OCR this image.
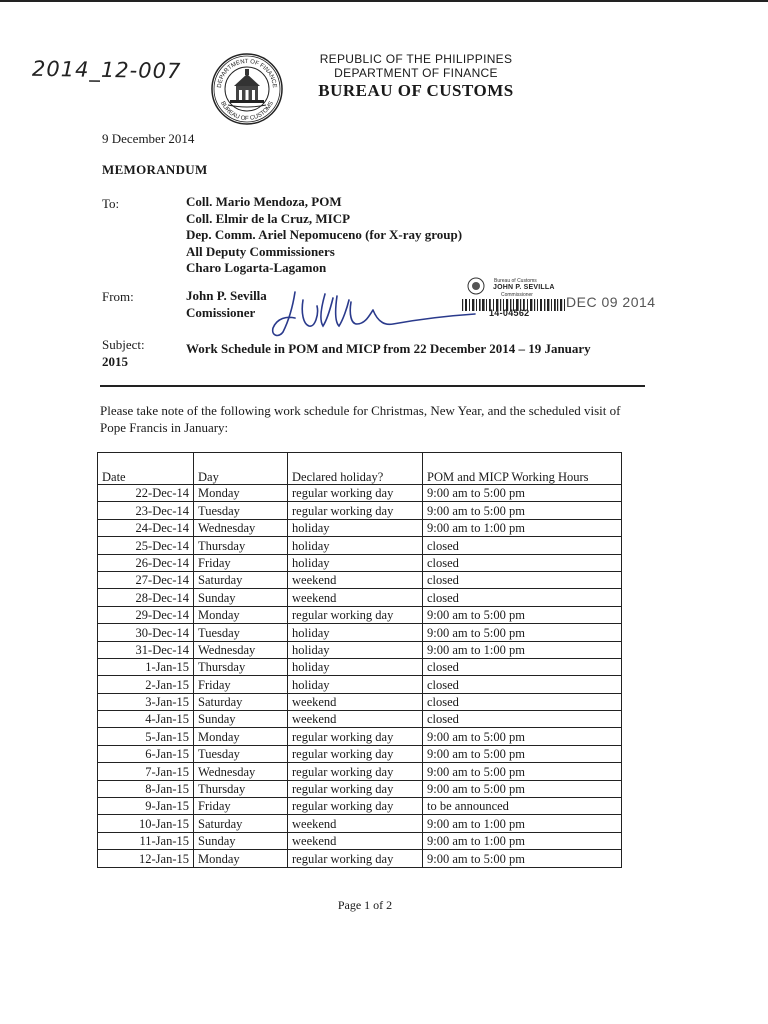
2014_12-007
DEPARTMENT OF FINANCE
BUREAU OF CUSTOMS
REPUBLIC OF THE PHILIPPINES
DEPARTMENT OF FINANCE
BUREAU OF CUSTOMS
9 December 2014
MEMORANDUM
To:	Coll. Mario Mendoza, POM
Coll. Elmir de la Cruz, MICP
Dep. Comm. Ariel Nepomuceno (for X-ray group)
All Deputy Commissioners
Charo Logarta-Lagamon
From:	John P. Sevilla
Comissioner
Bureau of Customs
JOHN P. SEVILLA
Commissioner DEC 09 2014
14-04562
Subject:
2015
Work Schedule in POM and MICP from 22 December 2014 – 19 January
Please take note of the following work schedule for Christmas, New Year, and the scheduled visit of Pope Francis in January:
Date	Day	Declared holiday?	POM and MICP Working Hours
22-Dec-14	Monday	regular working day	9:00 am to 5:00 pm
23-Dec-14	Tuesday	regular working day	9:00 am to 5:00 pm
24-Dec-14	Wednesday	holiday	9:00 am to 1:00 pm
25-Dec-14	Thursday	holiday	closed
26-Dec-14	Friday	holiday	closed
27-Dec-14	Saturday	weekend	closed
28-Dec-14	Sunday	weekend	closed
29-Dec-14	Monday	regular working day	9:00 am to 5:00 pm
30-Dec-14	Tuesday	holiday	9:00 am to 5:00 pm
31-Dec-14	Wednesday	holiday	9:00 am to 1:00 pm
1-Jan-15	Thursday	holiday	closed
2-Jan-15	Friday	holiday	closed
3-Jan-15	Saturday	weekend	closed
4-Jan-15	Sunday	weekend	closed
5-Jan-15	Monday	regular working day	9:00 am to 5:00 pm
6-Jan-15	Tuesday	regular working day	9:00 am to 5:00 pm
7-Jan-15	Wednesday	regular working day	9:00 am to 5:00 pm
8-Jan-15	Thursday	regular working day	9:00 am to 5:00 pm
9-Jan-15	Friday	regular working day	to be announced
10-Jan-15	Saturday	weekend	9:00 am to 1:00 pm
11-Jan-15	Sunday	weekend	9:00 am to 1:00 pm
12-Jan-15	Monday	regular working day	9:00 am to 5:00 pm
Page 1 of 2
